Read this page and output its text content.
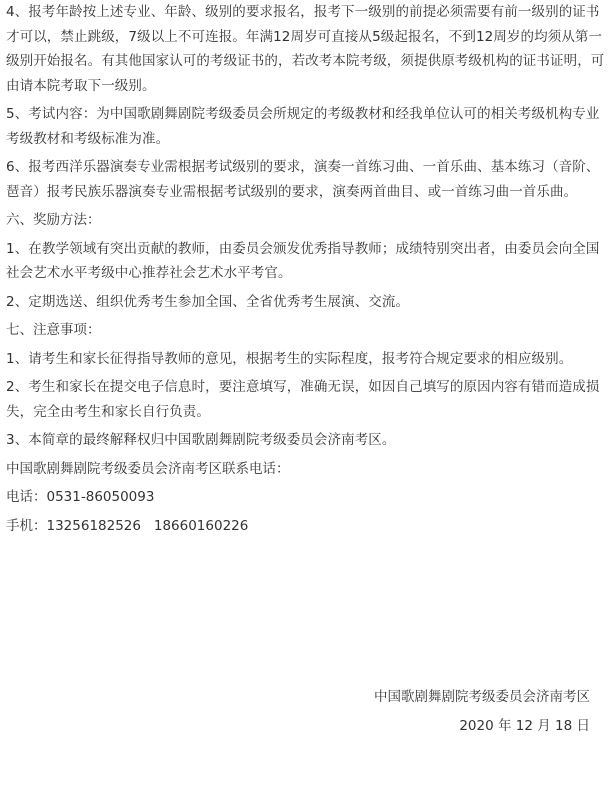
4、报考年龄按上述专业、年龄、级别的要求报名，报考下一级别的前提必须需要有前一级别的证书才可以，禁止跳级，7级以上不可连报。年满12周岁可直接从5级起报名，不到12周岁的均须从第一级别开始报名。有其他国家认可的考级证书的，若改考本院考级，须提供原考级机构的证书证明，可由请本院考取下一级别。

5、考试内容：为中国歌剧舞剧院考级委员会所规定的考级教材和经我单位认可的相关考级机构专业考级教材和考级标准为准。

6、报考西洋乐器演奏专业需根据考试级别的要求，演奏一首练习曲、一首乐曲、基本练习（音阶、琶音）报考民族乐器演奏专业需根据考试级别的要求，演奏两首曲目、或一首练习曲一首乐曲。

六、奖励方法：

1、在教学领域有突出贡献的教师，由委员会颁发优秀指导教师；成绩特别突出者，由委员会向全国社会艺术水平考级中心推荐社会艺术水平考官。

2、定期选送、组织优秀考生参加全国、全省优秀考生展演、交流。

七、注意事项：

1、请考生和家长征得指导教师的意见，根据考生的实际程度，报考符合规定要求的相应级别。

2、考生和家长在提交电子信息时，要注意填写，准确无误，如因自己填写的原因内容有错而造成损失，完全由考生和家长自行负责。

3、本简章的最终解释权归中国歌剧舞剧院考级委员会济南考区。

中国歌剧舞剧院考级委员会济南考区联系电话：

电话：0531-86050093

手机：13256182526   18660160226

中国歌剧舞剧院考级委员会济南考区
2020 年 12 月 18 日
